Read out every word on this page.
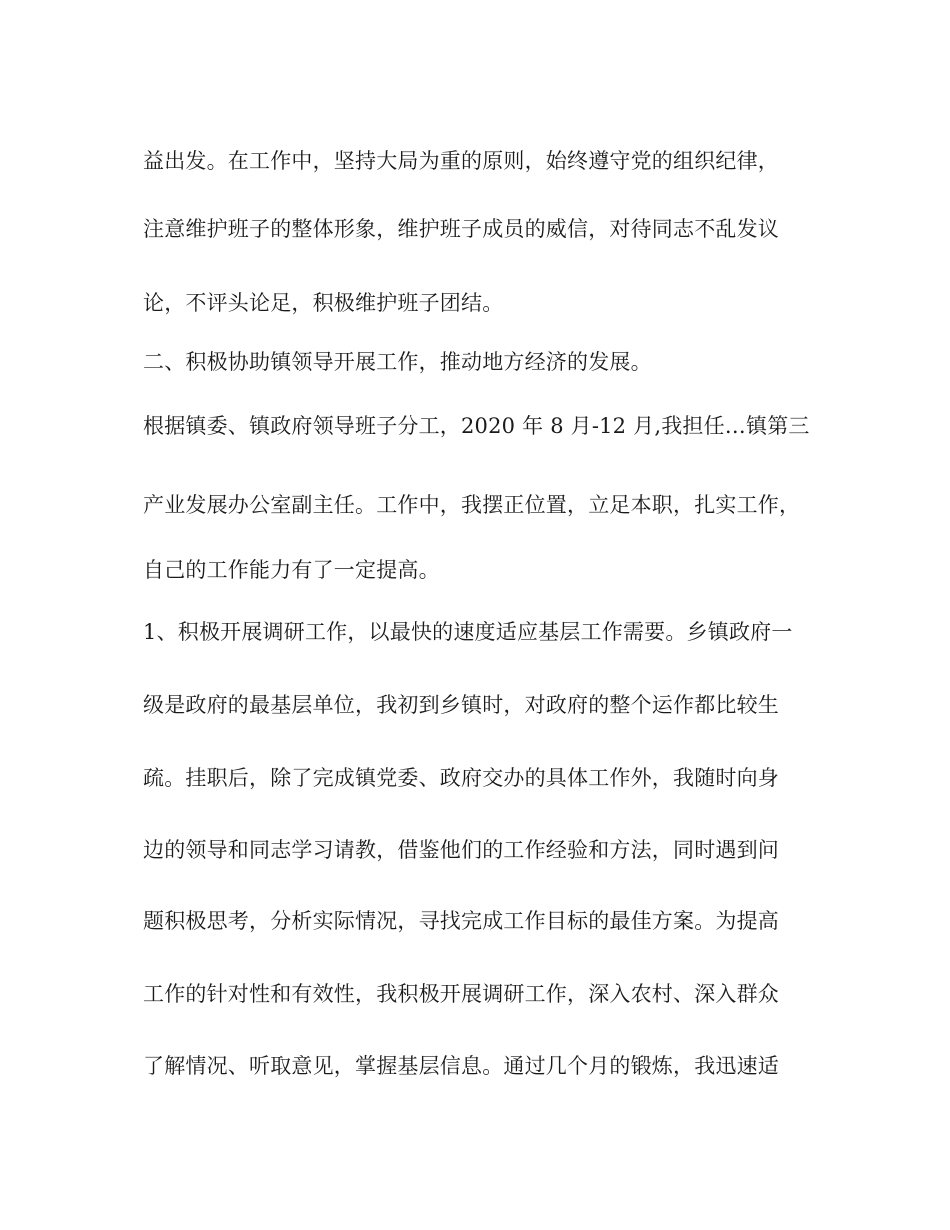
益出发。在工作中，坚持大局为重的原则，始终遵守党的组织纪律，
注意维护班子的整体形象，维护班子成员的威信，对待同志不乱发议
论，不评头论足，积极维护班子团结。
二、积极协助镇领导开展工作，推动地方经济的发展。
根据镇委、镇政府领导班子分工，2020 年 8 月-12 月,我担任…镇第三
产业发展办公室副主任。工作中，我摆正位置，立足本职，扎实工作，
自己的工作能力有了一定提高。
1、积极开展调研工作，以最快的速度适应基层工作需要。乡镇政府一
级是政府的最基层单位，我初到乡镇时，对政府的整个运作都比较生
疏。挂职后，除了完成镇党委、政府交办的具体工作外，我随时向身
边的领导和同志学习请教，借鉴他们的工作经验和方法，同时遇到问
题积极思考，分析实际情况，寻找完成工作目标的最佳方案。为提高
工作的针对性和有效性，我积极开展调研工作，深入农村、深入群众
了解情况、听取意见，掌握基层信息。通过几个月的锻炼，我迅速适
